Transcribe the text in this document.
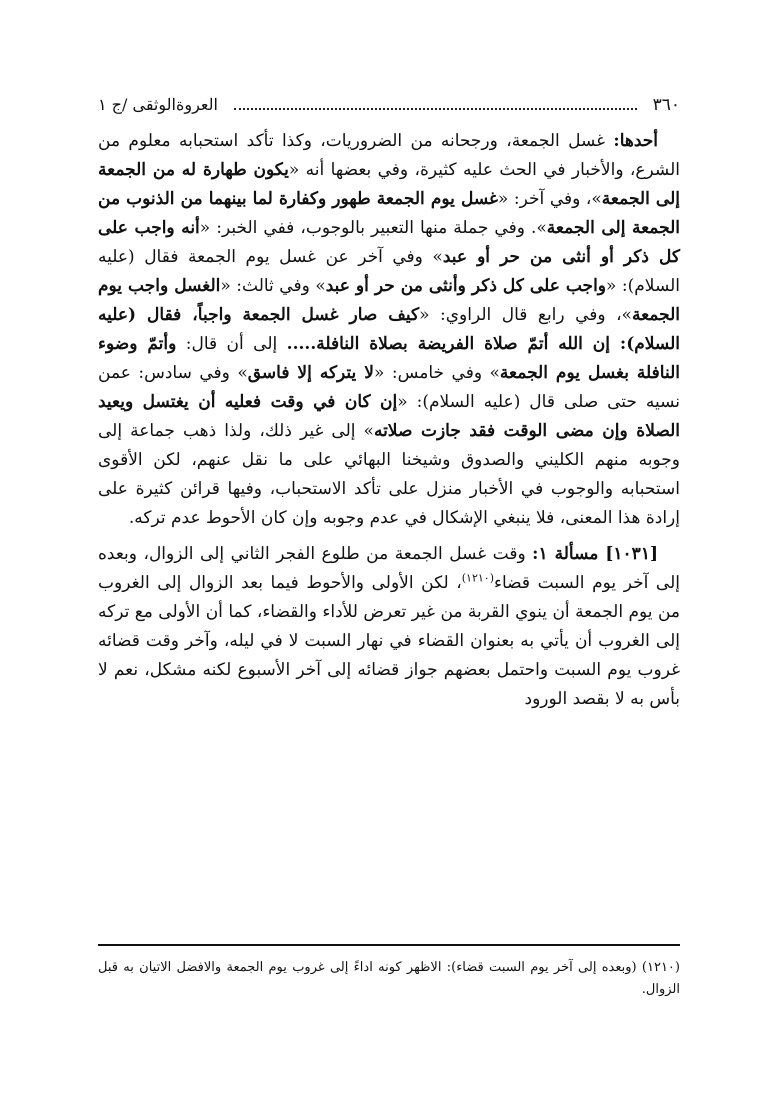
٣٦٠
العروةالوثقى /ج ١

أحدها: غسل الجمعة، ورجحانه من الضروريات، وكذا تأكد استحبابه معلوم من الشرع، والأخبار في الحث عليه كثيرة، وفي بعضها أنه «يكون طهارة له من الجمعة إلى الجمعة»، وفي آخر: «غسل يوم الجمعة طهور وكفارة لما بينهما من الذنوب من الجمعة إلى الجمعة». وفي جملة منها التعبير بالوجوب، ففي الخبر: «أنه واجب على كل ذكر أو أنثى من حر أو عبد» وفي آخر عن غسل يوم الجمعة فقال (عليه السلام): «واجب على كل ذكر وأنثى من حر أو عبد» وفي ثالث: «الغسل واجب يوم الجمعة»، وفي رابع قال الراوي: «كيف صار غسل الجمعة واجباً، فقال (عليه السلام): إن الله أتمّ صلاة الفريضة بصلاة النافلة..... إلى أن قال: وأتمّ وضوء النافلة بغسل يوم الجمعة» وفي خامس: «لا يتركه إلا فاسق» وفي سادس: عمن نسيه حتى صلى قال (عليه السلام): «إن كان في وقت فعليه أن يغتسل ويعيد الصلاة وإن مضى الوقت فقد جازت صلاته» إلى غير ذلك، ولذا ذهب جماعة إلى وجوبه منهم الكليني والصدوق وشيخنا البهائي على ما نقل عنهم، لكن الأقوى استحبابه والوجوب في الأخبار منزل على تأكد الاستحباب، وفيها قرائن كثيرة على إرادة هذا المعنى، فلا ينبغي الإشكال في عدم وجوبه وإن كان الأحوط عدم تركه.

[١٠٣١] مسألة ١: وقت غسل الجمعة من طلوع الفجر الثاني إلى الزوال، وبعده إلى آخر يوم السبت قضاء$^{(١٢١٠)}$، لكن الأولى والأحوط فيما بعد الزوال إلى الغروب من يوم الجمعة أن ينوي القربة من غير تعرض للأداء والقضاء، كما أن الأولى مع تركه إلى الغروب أن يأتي به بعنوان القضاء في نهار السبت لا في ليله، وآخر وقت قضائه غروب يوم السبت واحتمل بعضهم جواز قضائه إلى آخر الأسبوع لكنه مشكل، نعم لا بأس به لا بقصد الورود

(١٢١٠) (وبعده إلى آخر يوم السبت قضاء): الاظهر كونه اداءً إلى غروب يوم الجمعة والافضل الاتيان به قبل الزوال.
